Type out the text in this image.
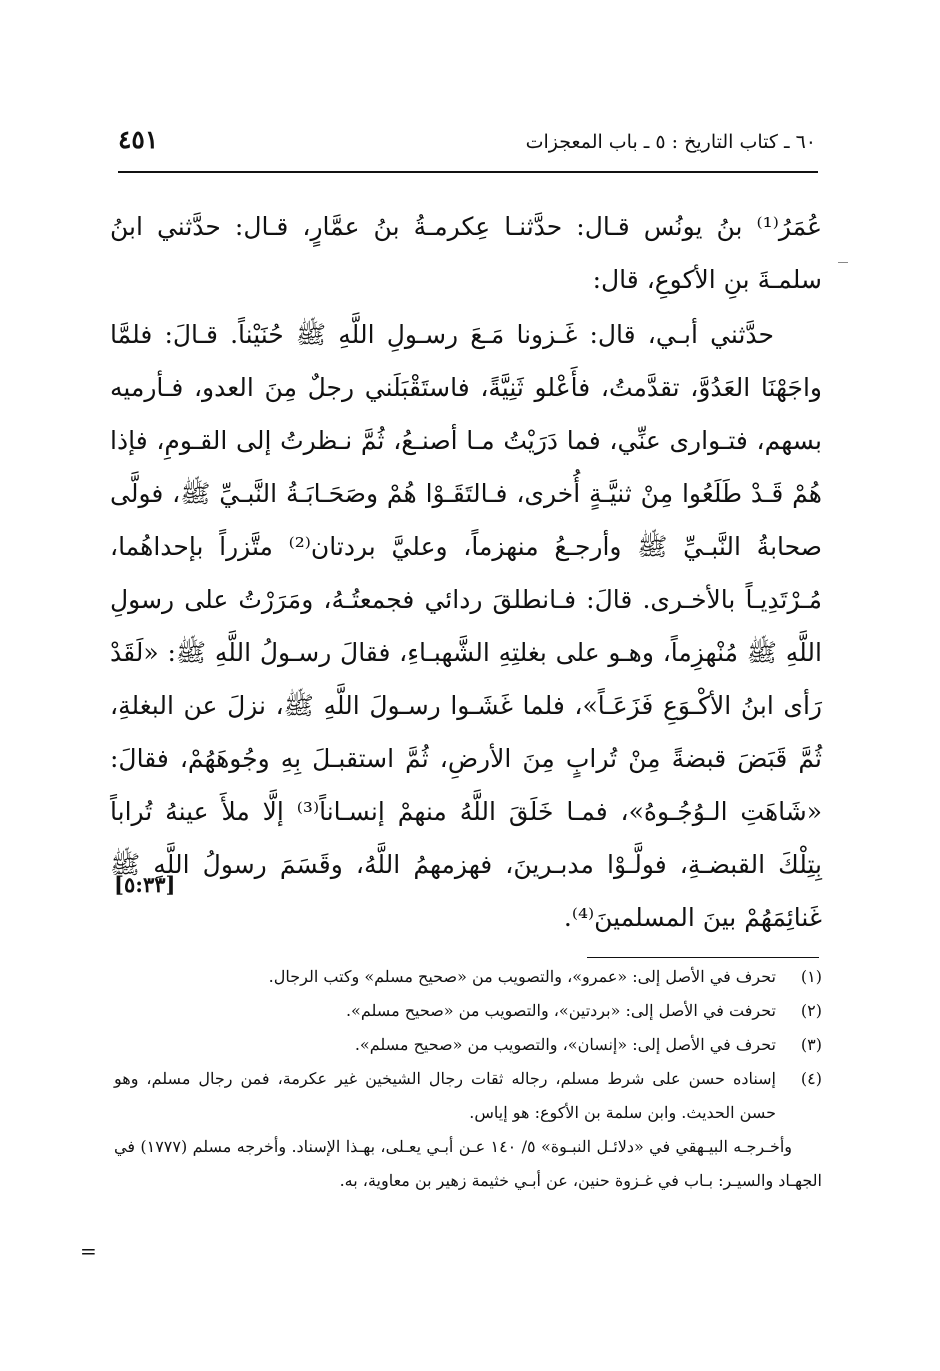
٦٠ ـ كتاب التاريخ : ٥ ـ باب المعجزات
٤٥١

عُمَرُ⁽¹⁾ بنُ يونُس قـال: حدَّثنـا عِكرمـةُ بنُ عمَّارٍ، قـال: حدَّثني ابنُ سلمـةَ بنِ الأكوعِ، قال:

حدَّثني أبـي، قال: غَـزونا مَـعَ رسـولِ اللَّهِ ﷺ حُنَيْناً. قـالَ: فلمَّا واجَهْنَا العَدُوَّ، تقدَّمتُ، فأَعْلو ثَنِيَّةً، فاستَقْبَلَني رجلٌ مِنَ العدو، فـأرميه بسهم، فتـوارى عنِّي، فما دَرَيْتُ مـا أصنـعُ، ثُمَّ نـظرتُ إلى القـومِ، فإذا هُمْ قَـدْ طَلَعُوا مِنْ ثنيَّـةٍ أُخرى، فـالتَقَـوْا هُمْ وصَحَـابَـةُ النَّبـيِّ ﷺ، فولَّى صحابةُ النَّبـيِّ ﷺ وأرجـعُ منهزماً، وعليَّ بردتان⁽²⁾ متَّزراً بإحداهُما، مُـرْتَدِيـاً بالأخـرى. قالَ: فـانطلقَ ردائي فجمعتُـهُ، ومَرَرْتُ على رسولِ اللَّهِ ﷺ مُنْهزِماً، وهـو على بغلتِهِ الشَّهبـاءِ، فقالَ رسـولُ اللَّهِ ﷺ: «لَقَدْ رَأى ابنُ الأكْـوَعِ فَزَعَـاً»، فلما غَشَـوا رسـولَ اللَّهِ ﷺ، نزلَ عن البغلةِ، ثُمَّ قَبَضَ قبضةً مِنْ تُرابٍ مِنَ الأرضِ، ثُمَّ استقبـلَ بِهِ وجُوهَهُمْ، فقالَ: «شَاهَتِ الـوُجُـوهُ»، فمـا خَلَقَ اللَّهُ منهمْ إنسـاناً⁽³⁾ إلَّا ملأَ عينهُ تُراباً بِتِلْكَ القبضـةِ، فولَّـوْا مدبـرينَ، فهزمهمُ اللَّهُ، وقَسَمَ رسولُ اللَّهِ ﷺ غَنائِمَهُمْ بينَ المسلمينَ⁽⁴⁾.

[٥:٣٣]
(١)
تحرف في الأصل إلى: «عمرو»، والتصويب من «صحيح مسلم» وكتب الرجال.
(٢)
تحرفت في الأصل إلى: «بردتين»، والتصويب من «صحيح مسلم».
(٣)
تحرف في الأصل إلى: «إنسان»، والتصويب من «صحيح مسلم».
(٤)
إسناده حسن على شرط مسلم، رجاله ثقات رجال الشيخين غير عكرمة، فمن رجال مسلم، وهو حسن الحديث. وابن سلمة بن الأكوع: هو إياس.

وأخـرجـه البيـهقي في «دلائـل النبـوة» ٥/ ١٤٠ عـن أبـي يعـلى، بهـذا الإسناد. وأخرجه مسلم (١٧٧٧) في الجهـاد والسيـر: بـاب في غـزوة حنين، عن أبـي خثيمة زهير بن معاوية، به.

=
